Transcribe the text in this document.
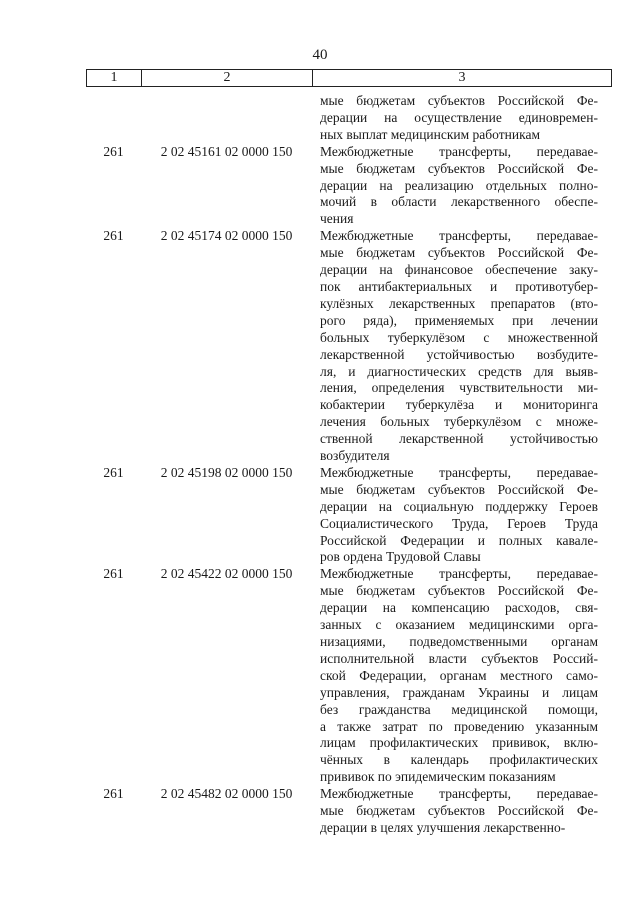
40
1	2	3
мые бюджетам субъектов Российской Фе-
дерации на осуществление единовремен-
ных выплат медицинским работникам
261	2 02 45161 02 0000 150	Межбюджетные трансферты, передавае-
мые бюджетам субъектов Российской Фе-
дерации на реализацию отдельных полно-
мочий в области лекарственного обеспе-
чения
261	2 02 45174 02 0000 150	Межбюджетные трансферты, передавае-
мые бюджетам субъектов Российской Фе-
дерации на финансовое обеспечение заку-
пок антибактериальных и противотубер-
кулёзных лекарственных препаратов (вто-
рого ряда), применяемых при лечении
больных туберкулёзом с множественной
лекарственной устойчивостью возбудите-
ля, и диагностических средств для выяв-
ления, определения чувствительности ми-
кобактерии туберкулёза и мониторинга
лечения больных туберкулёзом с множе-
ственной лекарственной устойчивостью
возбудителя
261	2 02 45198 02 0000 150	Межбюджетные трансферты, передавае-
мые бюджетам субъектов Российской Фе-
дерации на социальную поддержку Героев
Социалистического Труда, Героев Труда
Российской Федерации и полных кавале-
ров ордена Трудовой Славы
261	2 02 45422 02 0000 150	Межбюджетные трансферты, передавае-
мые бюджетам субъектов Российской Фе-
дерации на компенсацию расходов, свя-
занных с оказанием медицинскими орга-
низациями, подведомственными органам
исполнительной власти субъектов Россий-
ской Федерации, органам местного само-
управления, гражданам Украины и лицам
без гражданства медицинской помощи,
а также затрат по проведению указанным
лицам профилактических прививок, вклю-
чённых в календарь профилактических
прививок по эпидемическим показаниям
261	2 02 45482 02 0000 150	Межбюджетные трансферты, передавае-
мые бюджетам субъектов Российской Фе-
дерации в целях улучшения лекарственно-
